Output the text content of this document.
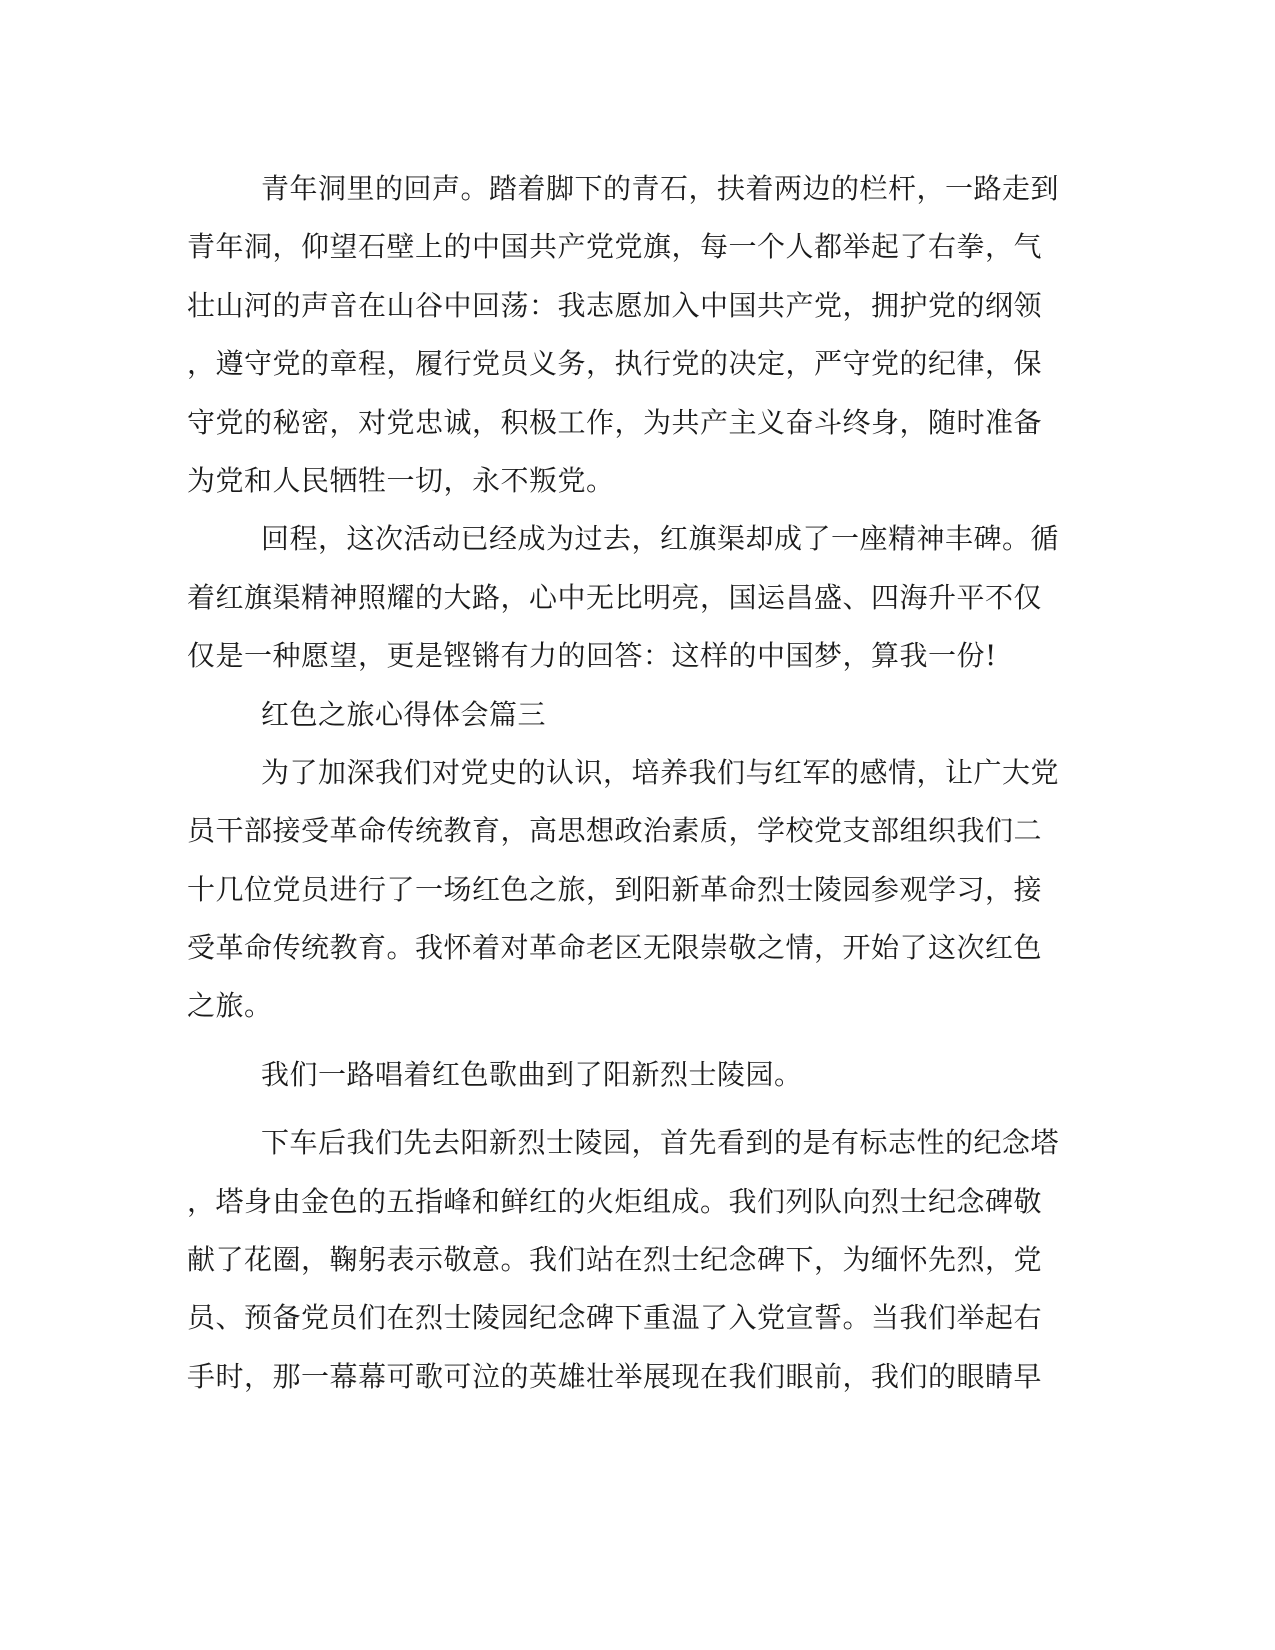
青年洞里的回声。踏着脚下的青石，扶着两边的栏杆，一路走到
青年洞，仰望石壁上的中国共产党党旗，每一个人都举起了右拳，气
壮山河的声音在山谷中回荡：我志愿加入中国共产党，拥护党的纲领
，遵守党的章程，履行党员义务，执行党的决定，严守党的纪律，保
守党的秘密，对党忠诚，积极工作，为共产主义奋斗终身，随时准备
为党和人民牺牲一切，永不叛党。
回程，这次活动已经成为过去，红旗渠却成了一座精神丰碑。循
着红旗渠精神照耀的大路，心中无比明亮，国运昌盛、四海升平不仅
仅是一种愿望，更是铿锵有力的回答：这样的中国梦，算我一份!
红色之旅心得体会篇三
为了加深我们对党史的认识，培养我们与红军的感情，让广大党
员干部接受革命传统教育，高思想政治素质，学校党支部组织我们二
十几位党员进行了一场红色之旅，到阳新革命烈士陵园参观学习，接
受革命传统教育。我怀着对革命老区无限崇敬之情，开始了这次红色
之旅。
我们一路唱着红色歌曲到了阳新烈士陵园。
下车后我们先去阳新烈士陵园，首先看到的是有标志性的纪念塔
，塔身由金色的五指峰和鲜红的火炬组成。我们列队向烈士纪念碑敬
献了花圈，鞠躬表示敬意。我们站在烈士纪念碑下，为缅怀先烈，党
员、预备党员们在烈士陵园纪念碑下重温了入党宣誓。当我们举起右
手时，那一幕幕可歌可泣的英雄壮举展现在我们眼前，我们的眼睛早
